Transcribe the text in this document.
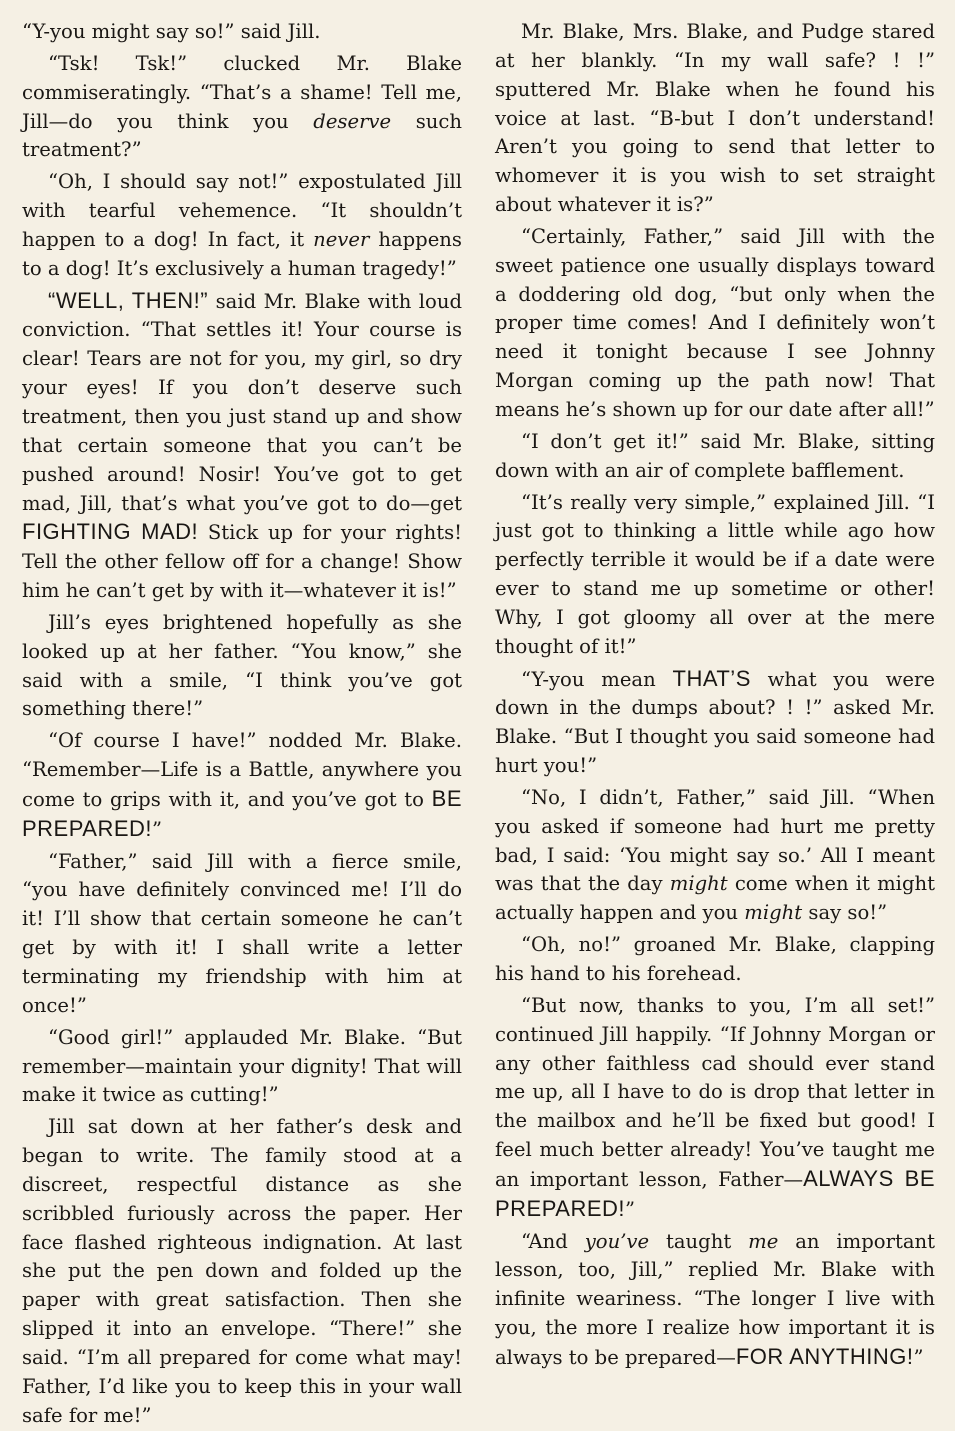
“Y-you might say so!” said Jill.

“Tsk! Tsk!” clucked Mr. Blake commiseratingly. “That’s a shame! Tell me, Jill—do you think you deserve such treatment?”

“Oh, I should say not!” expostulated Jill with tearful vehemence. “It shouldn’t happen to a dog! In fact, it never happens to a dog! It’s exclusively a human tragedy!”

“WELL, THEN!” said Mr. Blake with loud conviction. “That settles it! Your course is clear! Tears are not for you, my girl, so dry your eyes! If you don’t deserve such treatment, then you just stand up and show that certain someone that you can’t be pushed around! Nosir! You’ve got to get mad, Jill, that’s what you’ve got to do—get FIGHTING MAD! Stick up for your rights! Tell the other fellow off for a change! Show him he can’t get by with it—whatever it is!”

Jill’s eyes brightened hopefully as she looked up at her father. “You know,” she said with a smile, “I think you’ve got something there!”

“Of course I have!” nodded Mr. Blake. “Remember—Life is a Battle, anywhere you come to grips with it, and you’ve got to BE PREPARED!”

“Father,” said Jill with a fierce smile, “you have definitely convinced me! I’ll do it! I’ll show that certain someone he can’t get by with it! I shall write a letter terminating my friendship with him at once!”

“Good girl!” applauded Mr. Blake. “But remember—maintain your dignity! That will make it twice as cutting!”

Jill sat down at her father’s desk and began to write. The family stood at a discreet, respectful distance as she scribbled furiously across the paper. Her face flashed righteous indignation. At last she put the pen down and folded up the paper with great satisfaction. Then she slipped it into an envelope. “There!” she said. “I’m all prepared for come what may! Father, I’d like you to keep this in your wall safe for me!”

Mr. Blake, Mrs. Blake, and Pudge stared at her blankly. “In my wall safe? ! !” sputtered Mr. Blake when he found his voice at last. “B-but I don’t understand! Aren’t you going to send that letter to whomever it is you wish to set straight about whatever it is?”

“Certainly, Father,” said Jill with the sweet patience one usually displays toward a doddering old dog, “but only when the proper time comes! And I definitely won’t need it tonight because I see Johnny Morgan coming up the path now! That means he’s shown up for our date after all!”

“I don’t get it!” said Mr. Blake, sitting down with an air of complete bafflement.

“It’s really very simple,” explained Jill. “I just got to thinking a little while ago how perfectly terrible it would be if a date were ever to stand me up sometime or other! Why, I got gloomy all over at the mere thought of it!”

“Y-you mean THAT’S what you were down in the dumps about? ! !” asked Mr. Blake. “But I thought you said someone had hurt you!”

“No, I didn’t, Father,” said Jill. “When you asked if someone had hurt me pretty bad, I said: ‘You might say so.’ All I meant was that the day might come when it might actually happen and you might say so!”

“Oh, no!” groaned Mr. Blake, clapping his hand to his forehead.

“But now, thanks to you, I’m all set!” continued Jill happily. “If Johnny Morgan or any other faithless cad should ever stand me up, all I have to do is drop that letter in the mailbox and he’ll be fixed but good! I feel much better already! You’ve taught me an important lesson, Father—ALWAYS BE PREPARED!”

“And you’ve taught me an important lesson, too, Jill,” replied Mr. Blake with infinite weariness. “The longer I live with you, the more I realize how important it is always to be prepared—FOR ANYTHING!”
